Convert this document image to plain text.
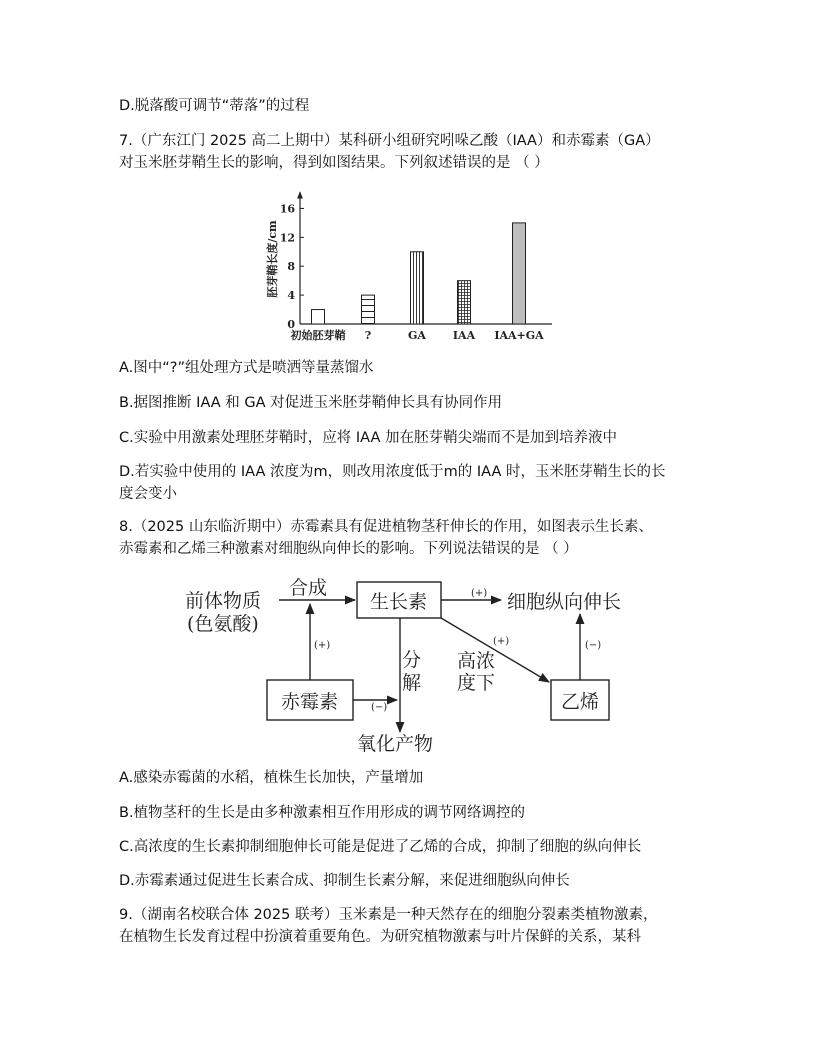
D.脱落酸可调节“蒂落”的过程
7.（广东江门 2025 高二上期中）某科研小组研究吲哚乙酸（IAA）和赤霉素（GA）
对玉米胚芽鞘生长的影响，得到如图结果。下列叙述错误的是 （ ）
0
4
8
12
16
胚芽鞘长度/cm
初始胚芽鞘 ?	GA IAA IAA+GA
A.图中“?”组处理方式是喷洒等量蒸馏水
B.据图推断 IAA 和 GA 对促进玉米胚芽鞘伸长具有协同作用
C.实验中用激素处理胚芽鞘时，应将 IAA 加在胚芽鞘尖端而不是加到培养液中
D.若实验中使用的 IAA 浓度为m，则改用浓度低于m的 IAA 时，玉米胚芽鞘生长的长
度会变小
8.（2025 山东临沂期中）赤霉素具有促进植物茎秆伸长的作用，如图表示生长素、
赤霉素和乙烯三种激素对细胞纵向伸长的影响。下列说法错误的是 （ ）
前体物质
(色氨酸)
合成
生长素	(+) 细胞纵向伸长
赤霉素
(+)
分
解
(−)
(+)
高浓
度下
乙烯
(−)
氧化产物
A.感染赤霉菌的水稻，植株生长加快，产量增加
B.植物茎秆的生长是由多种激素相互作用形成的调节网络调控的
C.高浓度的生长素抑制细胞伸长可能是促进了乙烯的合成，抑制了细胞的纵向伸长
D.赤霉素通过促进生长素合成、抑制生长素分解，来促进细胞纵向伸长
9.（湖南名校联合体 2025 联考）玉米素是一种天然存在的细胞分裂素类植物激素，
在植物生长发育过程中扮演着重要角色。为研究植物激素与叶片保鲜的关系，某科
